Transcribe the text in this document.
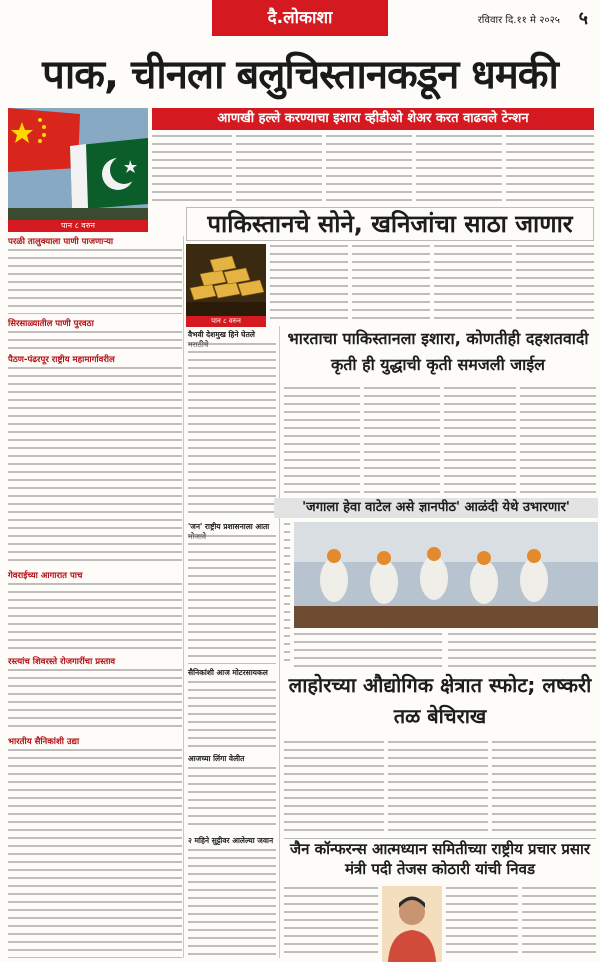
दै.लोकाशा	रविवार दि.११ मे २०२५ ५
पाक, चीनला बलुचिस्तानकडून धमकी
पान ८ वरुन
आणखी हल्ले करण्याचा इशारा व्हीडीओ शेअर करत वाढवले टेन्शन
पाकिस्तानचे सोने, खनिजांचा साठा जाणार
पान ८ वरुन
परळी तालुक्याला पाणी पाजणाऱ्या
सिरसाळ्यातील पाणी पुरवठा
पैठण-पंढरपूर राष्ट्रीय महामार्गावरील
गेवराईच्या आगारात पाच
रस्त्यांच शिवरस्ते रोजगारींचा प्रस्ताव
भारतीय सैनिकांशी उद्या
वैभवी देशमुख हिने घेतले
'जन' राष्ट्रीय प्रशासनाला आता
सैनिकांशी आज मोटरसायकल
आजच्या लिंगा वेलीत
२ महिने सुट्टीवर आलेल्या जवान
भारताचा पाकिस्तानला इशारा, कोणतीही दहशतवादी कृती ही युद्धाची कृती समजली जाईल
'जगाला हेवा वाटेल असे ज्ञानपीठ' आळंदी येथे उभारणार'
लाहोरच्या औद्योगिक क्षेत्रात स्फोट; लष्करी तळ बेचिराख
जैन कॉन्फरन्स आत्मध्यान समितीच्या राष्ट्रीय प्रचार प्रसार मंत्री पदी तेजस कोठारी यांची निवड
